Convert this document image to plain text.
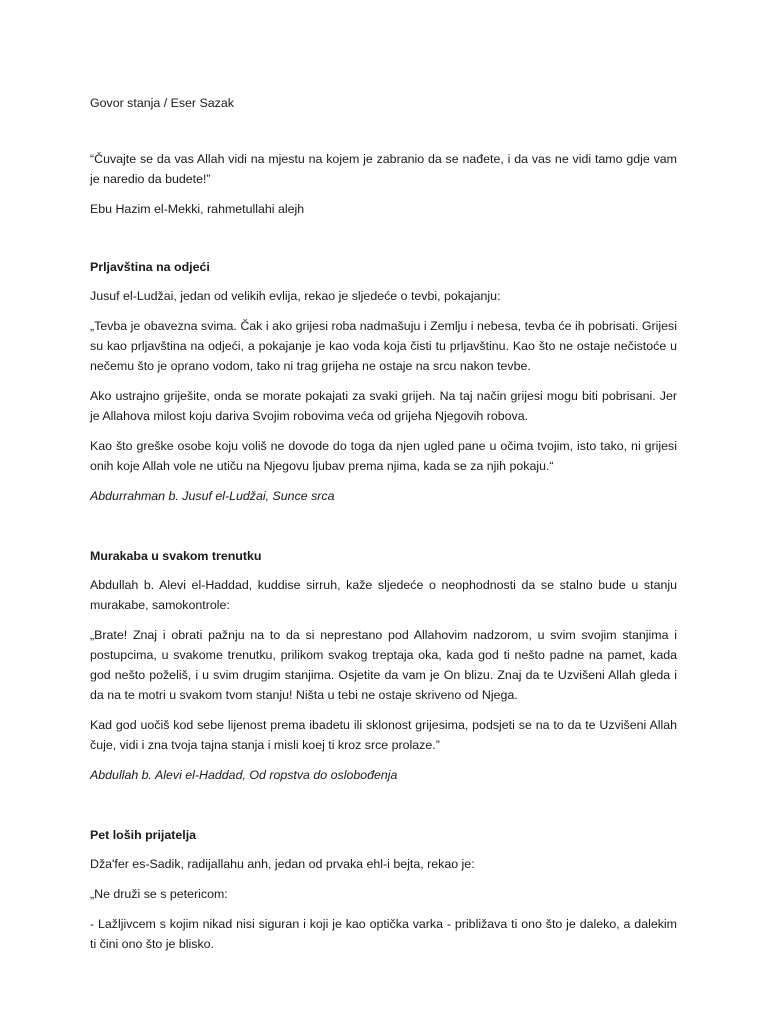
Govor stanja / Eser Sazak

“Čuvajte se da vas Allah vidi na mjestu na kojem je zabranio da se nađete, i da vas ne vidi tamo gdje vam je naredio da budete!”

Ebu Hazim el-Mekki, rahmetullahi alejh

Prljavština na odjeći

Jusuf el-Ludžai, jedan od velikih evlija, rekao je sljedeće o tevbi, pokajanju:

„Tevba je obavezna svima. Čak i ako grijesi roba nadmašuju i Zemlju i nebesa, tevba će ih pobrisati. Grijesi su kao prljavština na odjeći, a pokajanje je kao voda koja čisti tu prljavštinu. Kao što ne ostaje nečistoće u nečemu što je oprano vodom, tako ni trag grijeha ne ostaje na srcu nakon tevbe.

Ako ustrajno griješite, onda se morate pokajati za svaki grijeh. Na taj način grijesi mogu biti pobrisani. Jer je Allahova milost koju dariva Svojim robovima veća od grijeha Njegovih robova.

Kao što greške osobe koju voliš ne dovode do toga da njen ugled pane u očima tvojim, isto tako, ni grijesi onih koje Allah vole ne utiču na Njegovu ljubav prema njima, kada se za njih pokaju.“

Abdurrahman b. Jusuf el-Ludžai, Sunce srca

Murakaba u svakom trenutku

Abdullah b. Alevi el-Haddad, kuddise sirruh, kaže sljedeće o neophodnosti da se stalno bude u stanju murakabe, samokontrole:

„Brate! Znaj i obrati pažnju na to da si neprestano pod Allahovim nadzorom, u svim svojim stanjima i postupcima, u svakome trenutku, prilikom svakog treptaja oka, kada god ti nešto padne na pamet, kada god nešto poželiš, i u svim drugim stanjima. Osjetite da vam je On blizu. Znaj da te Uzvišeni Allah gleda i da na te motri u svakom tvom stanju! Ništa u tebi ne ostaje skriveno od Njega.

Kad god uočiš kod sebe lijenost prema ibadetu ili sklonost grijesima, podsjeti se na to da te Uzvišeni Allah čuje, vidi i zna tvoja tajna stanja i misli koej ti kroz srce prolaze.”

Abdullah b. Alevi el-Haddad, Od ropstva do oslobođenja

Pet loših prijatelja

Dža'fer es-Sadik, radijallahu anh, jedan od prvaka ehl-i bejta, rekao je:

„Ne druži se s petericom:

- Lažljivcem s kojim nikad nisi siguran i koji je kao optička varka - približava ti ono što je daleko, a dalekim ti čini ono što je blisko.
